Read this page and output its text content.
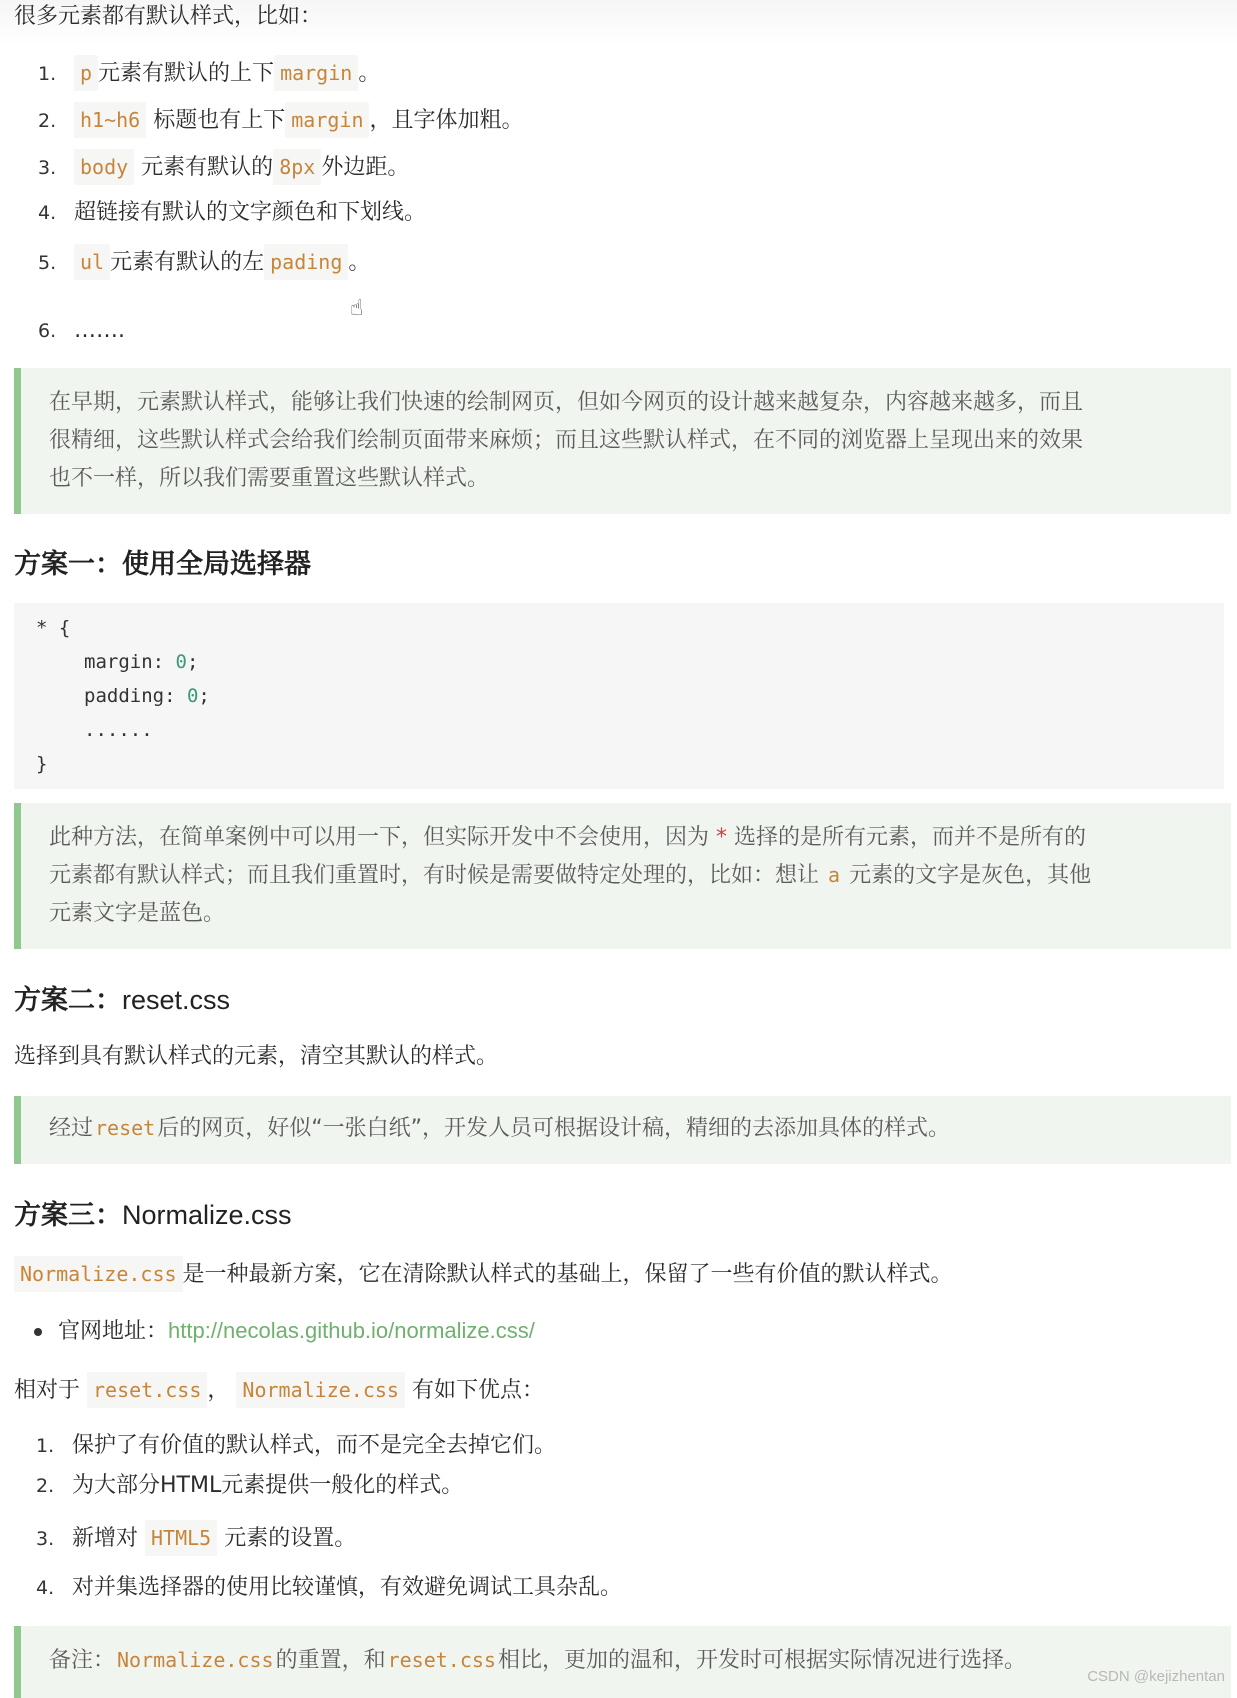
很多元素都有默认样式，比如：
1. p 元素有默认的上下 margin 。
2. h1~h6 标题也有上下 margin ，且字体加粗。
3. body 元素有默认的 8px 外边距。
4. 超链接有默认的文字颜色和下划线。
5. ul 元素有默认的左 pading 。
☝
6. …….

在早期，元素默认样式，能够让我们快速的绘制网页，但如今网页的设计越来越复杂，内容越来越多，而且

很精细，这些默认样式会给我们绘制页面带来麻烦；而且这些默认样式，在不同的浏览器上呈现出来的效果

也不一样，所以我们需要重置这些默认样式。

方案一：使用全局选择器
* {
margin: 0;
padding: 0;
......
}

此种方法，在简单案例中可以用一下，但实际开发中不会使用，因为 * 选择的是所有元素，而并不是所有的

元素都有默认样式；而且我们重置时，有时候是需要做特定处理的，比如：想让 a 元素的文字是灰色，其他

元素文字是蓝色。

方案二：reset.css
选择到具有默认样式的元素，清空其默认的样式。

经过 reset后的网页，好似“一张白纸”，开发人员可根据设计稿，精细的去添加具体的样式。

方案三：Normalize.css
Normalize.css 是一种最新方案，它在清除默认样式的基础上，保留了一些有价值的默认样式。
官网地址：http://necolas.github.io/normalize.css/
相对于 reset.css ， Normalize.css 有如下优点：
1. 保护了有价值的默认样式，而不是完全去掉它们。
2. 为大部分HTML元素提供一般化的样式。
3. 新增对 HTML5 元素的设置。
4. 对并集选择器的使用比较谨慎，有效避免调试工具杂乱。

备注： Normalize.css的重置，和 reset.css相比，更加的温和，开发时可根据实际情况进行选择。

CSDN @kejizhentan
